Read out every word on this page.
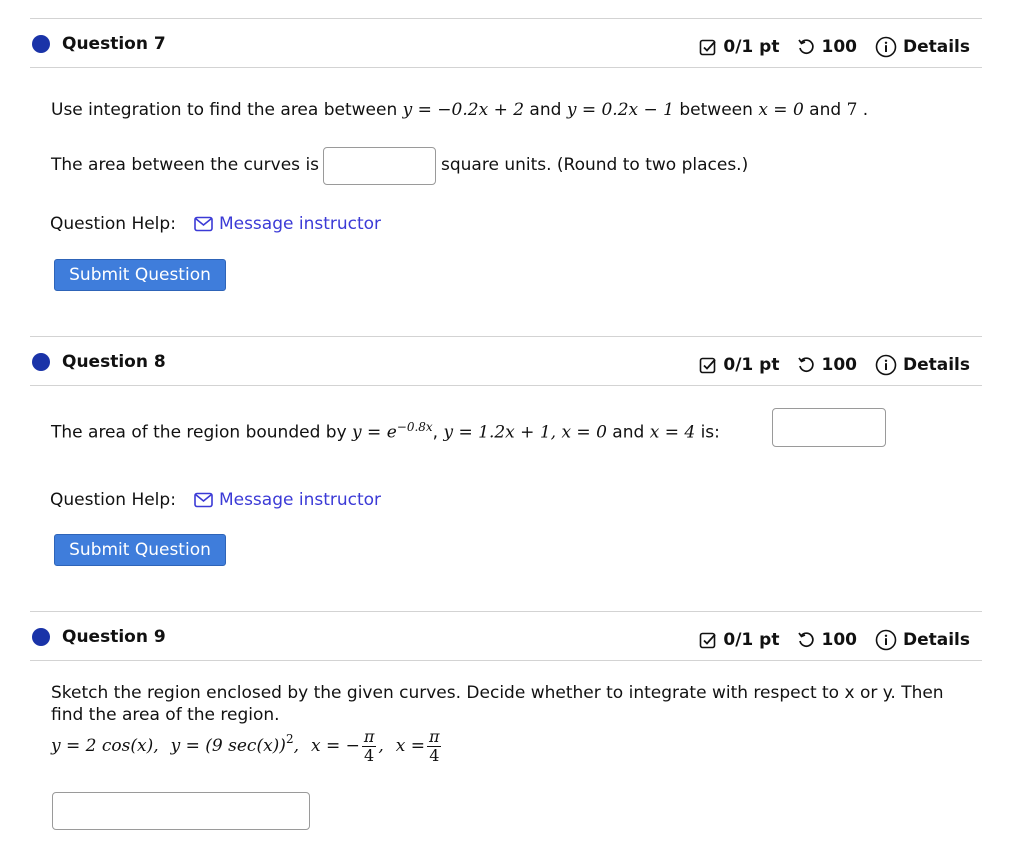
Question 7	0/1 pt 100	Details
Use integration to find the area between y = −0.2x + 2 and y = 0.2x − 1 between x = 0 and 7 .
The area between the curves is	square units. (Round to two places.)
Question Help:	Message instructor
Submit Question
Question 8	0/1 pt 100	Details
The area of the region bounded by $y = e^{-0.8x}$, y = 1.2x + 1, x = 0 and x = 4 is:
Question Help:	Message instructor
Submit Question
Question 9	0/1 pt 100	Details
Sketch the region enclosed by the given curves. Decide whether to integrate with respect to x or y. Then
find the area of the region.
y = 2 cos(x), y = (9 sec(x))$^2$ , x = − $\frac{\pi}{4}$ , $x = \frac{\pi}{4}$
